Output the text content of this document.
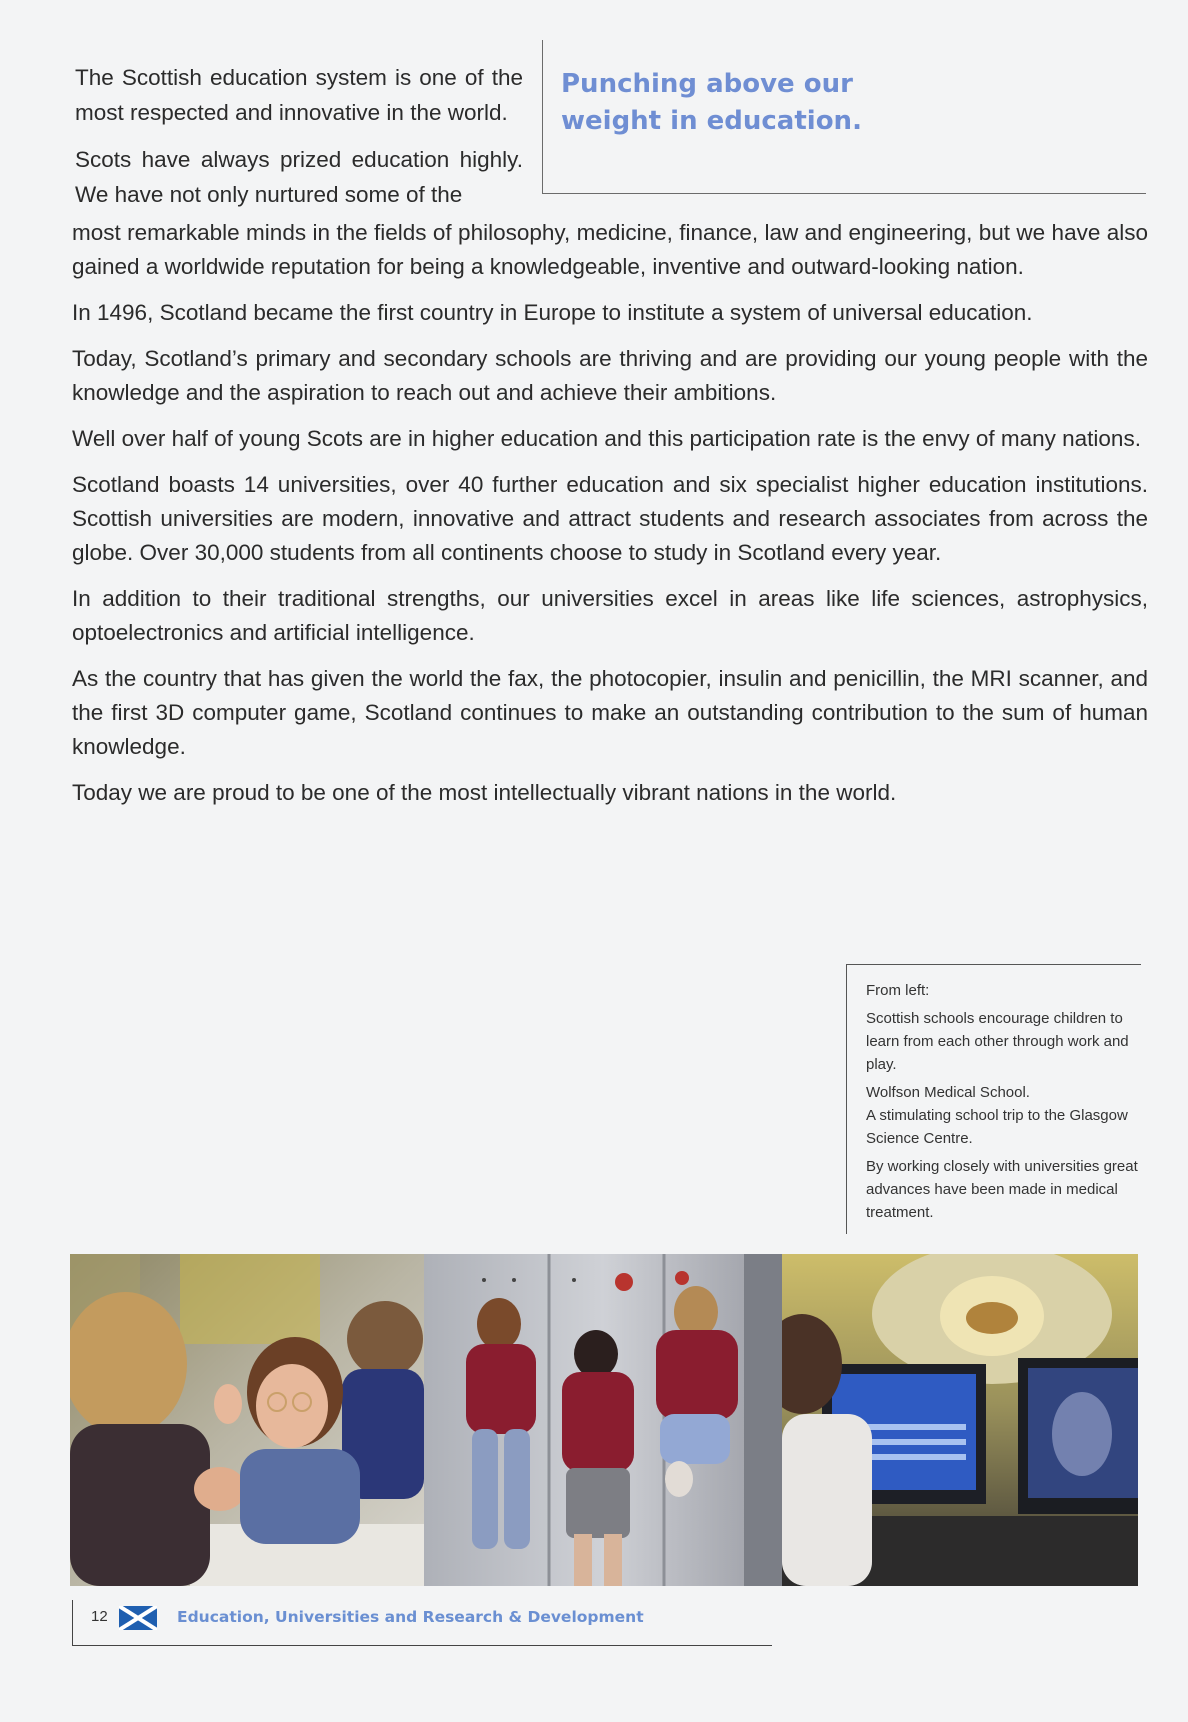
The Scottish education system is one of the most respected and innovative in the world.

Scots have always prized education highly. We have not only nurtured some of the

Punching above our weight in education.

most remarkable minds in the fields of philosophy, medicine, finance, law and engineering, but we have also gained a worldwide reputation for being a knowledgeable, inventive and outward-looking nation.

In 1496, Scotland became the first country in Europe to institute a system of universal education.

Today, Scotland’s primary and secondary schools are thriving and are providing our young people with the knowledge and the aspiration to reach out and achieve their ambitions.

Well over half of young Scots are in higher education and this participation rate is the envy of many nations.

Scotland boasts 14 universities, over 40 further education and six specialist higher education institutions. Scottish universities are modern, innovative and attract students and research associates from across the globe. Over 30,000 students from all continents choose to study in Scotland every year.

In addition to their traditional strengths, our universities excel in areas like life sciences, astrophysics, optoelectronics and artificial intelligence.

As the country that has given the world the fax, the photocopier, insulin and penicillin, the MRI scanner, and the first 3D computer game, Scotland continues to make an outstanding contribution to the sum of human knowledge.

Today we are proud to be one of the most intellectually vibrant nations in the world.

From left:

Scottish schools encourage children to learn from each other through work and play.

Wolfson Medical School.

A stimulating school trip to the Glasgow Science Centre.

By working closely with universities great advances have been made in medical treatment.

12	Education, Universities and Research & Development
